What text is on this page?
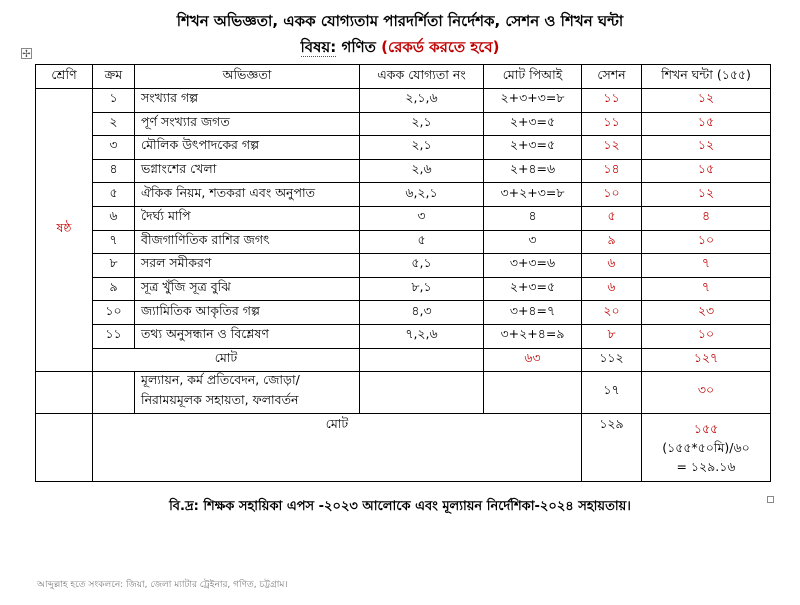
শিখন অভিজ্ঞতা, একক যোগ্যতাম পারদর্শিতা নির্দেশক, সেশন ও শিখন ঘন্টা
বিষয়: গণিত (রেকর্ড করতে হবে)
✢
শ্রেণি	ক্রম	অভিজ্ঞতা	একক যোগ্যতা নং	মোট পিআই	সেশন	শিখন ঘন্টা (১৫৫)
ষষ্ঠ	১	সংখ্যার গল্প	২,১,৬	২+৩+৩=৮	১১	১২
	২	পূর্ণ সংখ্যার জগত	২,১	২+৩=৫	১১	১৫
	৩	মৌলিক উৎপাদকের গল্প	২,১	২+৩=৫	১২	১২
	৪	ভগ্নাংশের খেলা	২,৬	২+৪=৬	১৪	১৫
	৫	ঐকিক নিয়ম, শতকরা এবং অনুপাত	৬,২,১	৩+২+৩=৮	১০	১২
	৬	দৈর্ঘ্য মাপি	৩	৪	৫	৪
	৭	বীজগাণিতিক রাশির জগৎ	৫	৩	৯	১০
	৮	সরল সমীকরণ	৫,১	৩+৩=৬	৬	৭
	৯	সূত্র খুঁজি সূত্র বুঝি	৮,১	২+৩=৫	৬	৭
	১০	জ্যামিতিক আকৃতির গল্প	৪,৩	৩+৪=৭	২০	২৩
	১১	তথ্য অনুসন্ধান ও বিশ্লেষণ	৭,২,৬	৩+২+৪=৯	৮	১০
	মোট			৬৩	১১২	১২৭

		মূল্যায়ন, কর্ম প্রতিবেদন, জোড়া/
নিরাময়মূলক সহায়তা, ফলাবর্তন			১৭	৩০
	মোট				১২৯	১৫৫
(১৫৫*৫০মি)/৬০
= ১২৯.১৬
বি.দ্র: শিক্ষক সহায়িকা এপস -২০২৩ আলোকে এবং মূল্যায়ন নির্দেশিকা-২০২৪ সহায়তায়।
আব্দুল্লাহ হতে সংকলনে: জিয়া, জেলা ম্যাটার ট্রেইনার, গণিত, চট্টগ্রাম।
